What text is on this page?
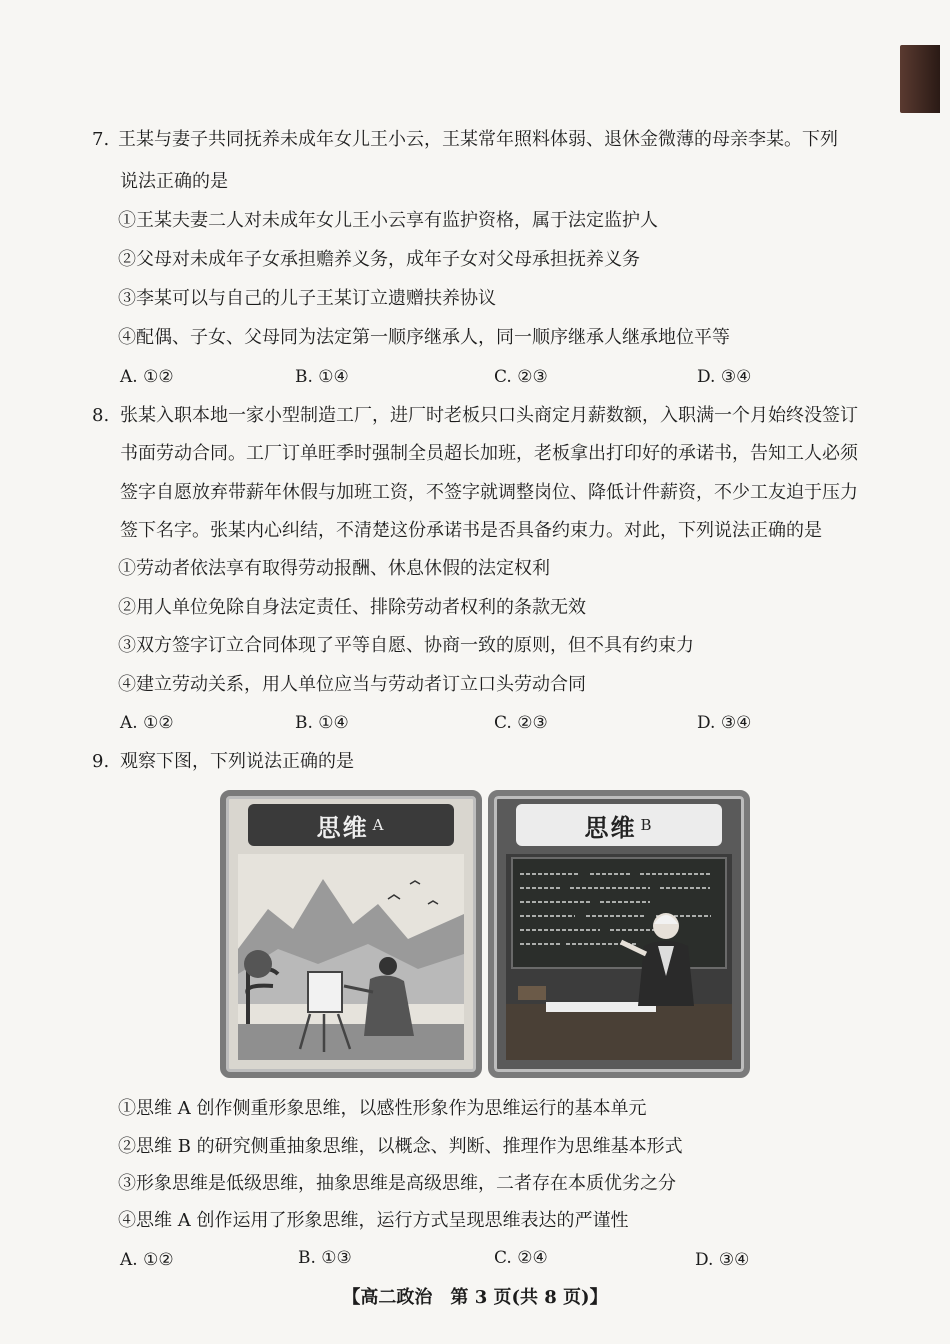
7. 王某与妻子共同抚养未成年女儿王小云，王某常年照料体弱、退休金微薄的母亲李某。下列
说法正确的是
①王某夫妻二人对未成年女儿王小云享有监护资格，属于法定监护人
②父母对未成年子女承担赡养义务，成年子女对父母承担抚养义务
③李某可以与自己的儿子王某订立遗赠扶养协议
④配偶、子女、父母同为法定第一顺序继承人，同一顺序继承人继承地位平等
A. ①②	B. ①④	C. ②③	D. ③④
8. 张某入职本地一家小型制造工厂，进厂时老板只口头商定月薪数额，入职满一个月始终没签订
书面劳动合同。工厂订单旺季时强制全员超长加班，老板拿出打印好的承诺书，告知工人必须
签字自愿放弃带薪年休假与加班工资，不签字就调整岗位、降低计件薪资，不少工友迫于压力
签下名字。张某内心纠结，不清楚这份承诺书是否具备约束力。对此，下列说法正确的是
①劳动者依法享有取得劳动报酬、休息休假的法定权利
②用人单位免除自身法定责任、排除劳动者权利的条款无效
③双方签字订立合同体现了平等自愿、协商一致的原则，但不具有约束力
④建立劳动关系，用人单位应当与劳动者订立口头劳动合同
A. ①②	B. ①④	C. ②③	D. ③④
9. 观察下图，下列说法正确的是
思维 A	思维 B
①思维 A 创作侧重形象思维，以感性形象作为思维运行的基本单元
②思维 B 的研究侧重抽象思维，以概念、判断、推理作为思维基本形式
③形象思维是低级思维，抽象思维是高级思维，二者存在本质优劣之分
④思维 A 创作运用了形象思维，运行方式呈现思维表达的严谨性
A. ①②	B. ①③	C. ②④	D. ③④
【高二政治　第 3 页(共 8 页)】
